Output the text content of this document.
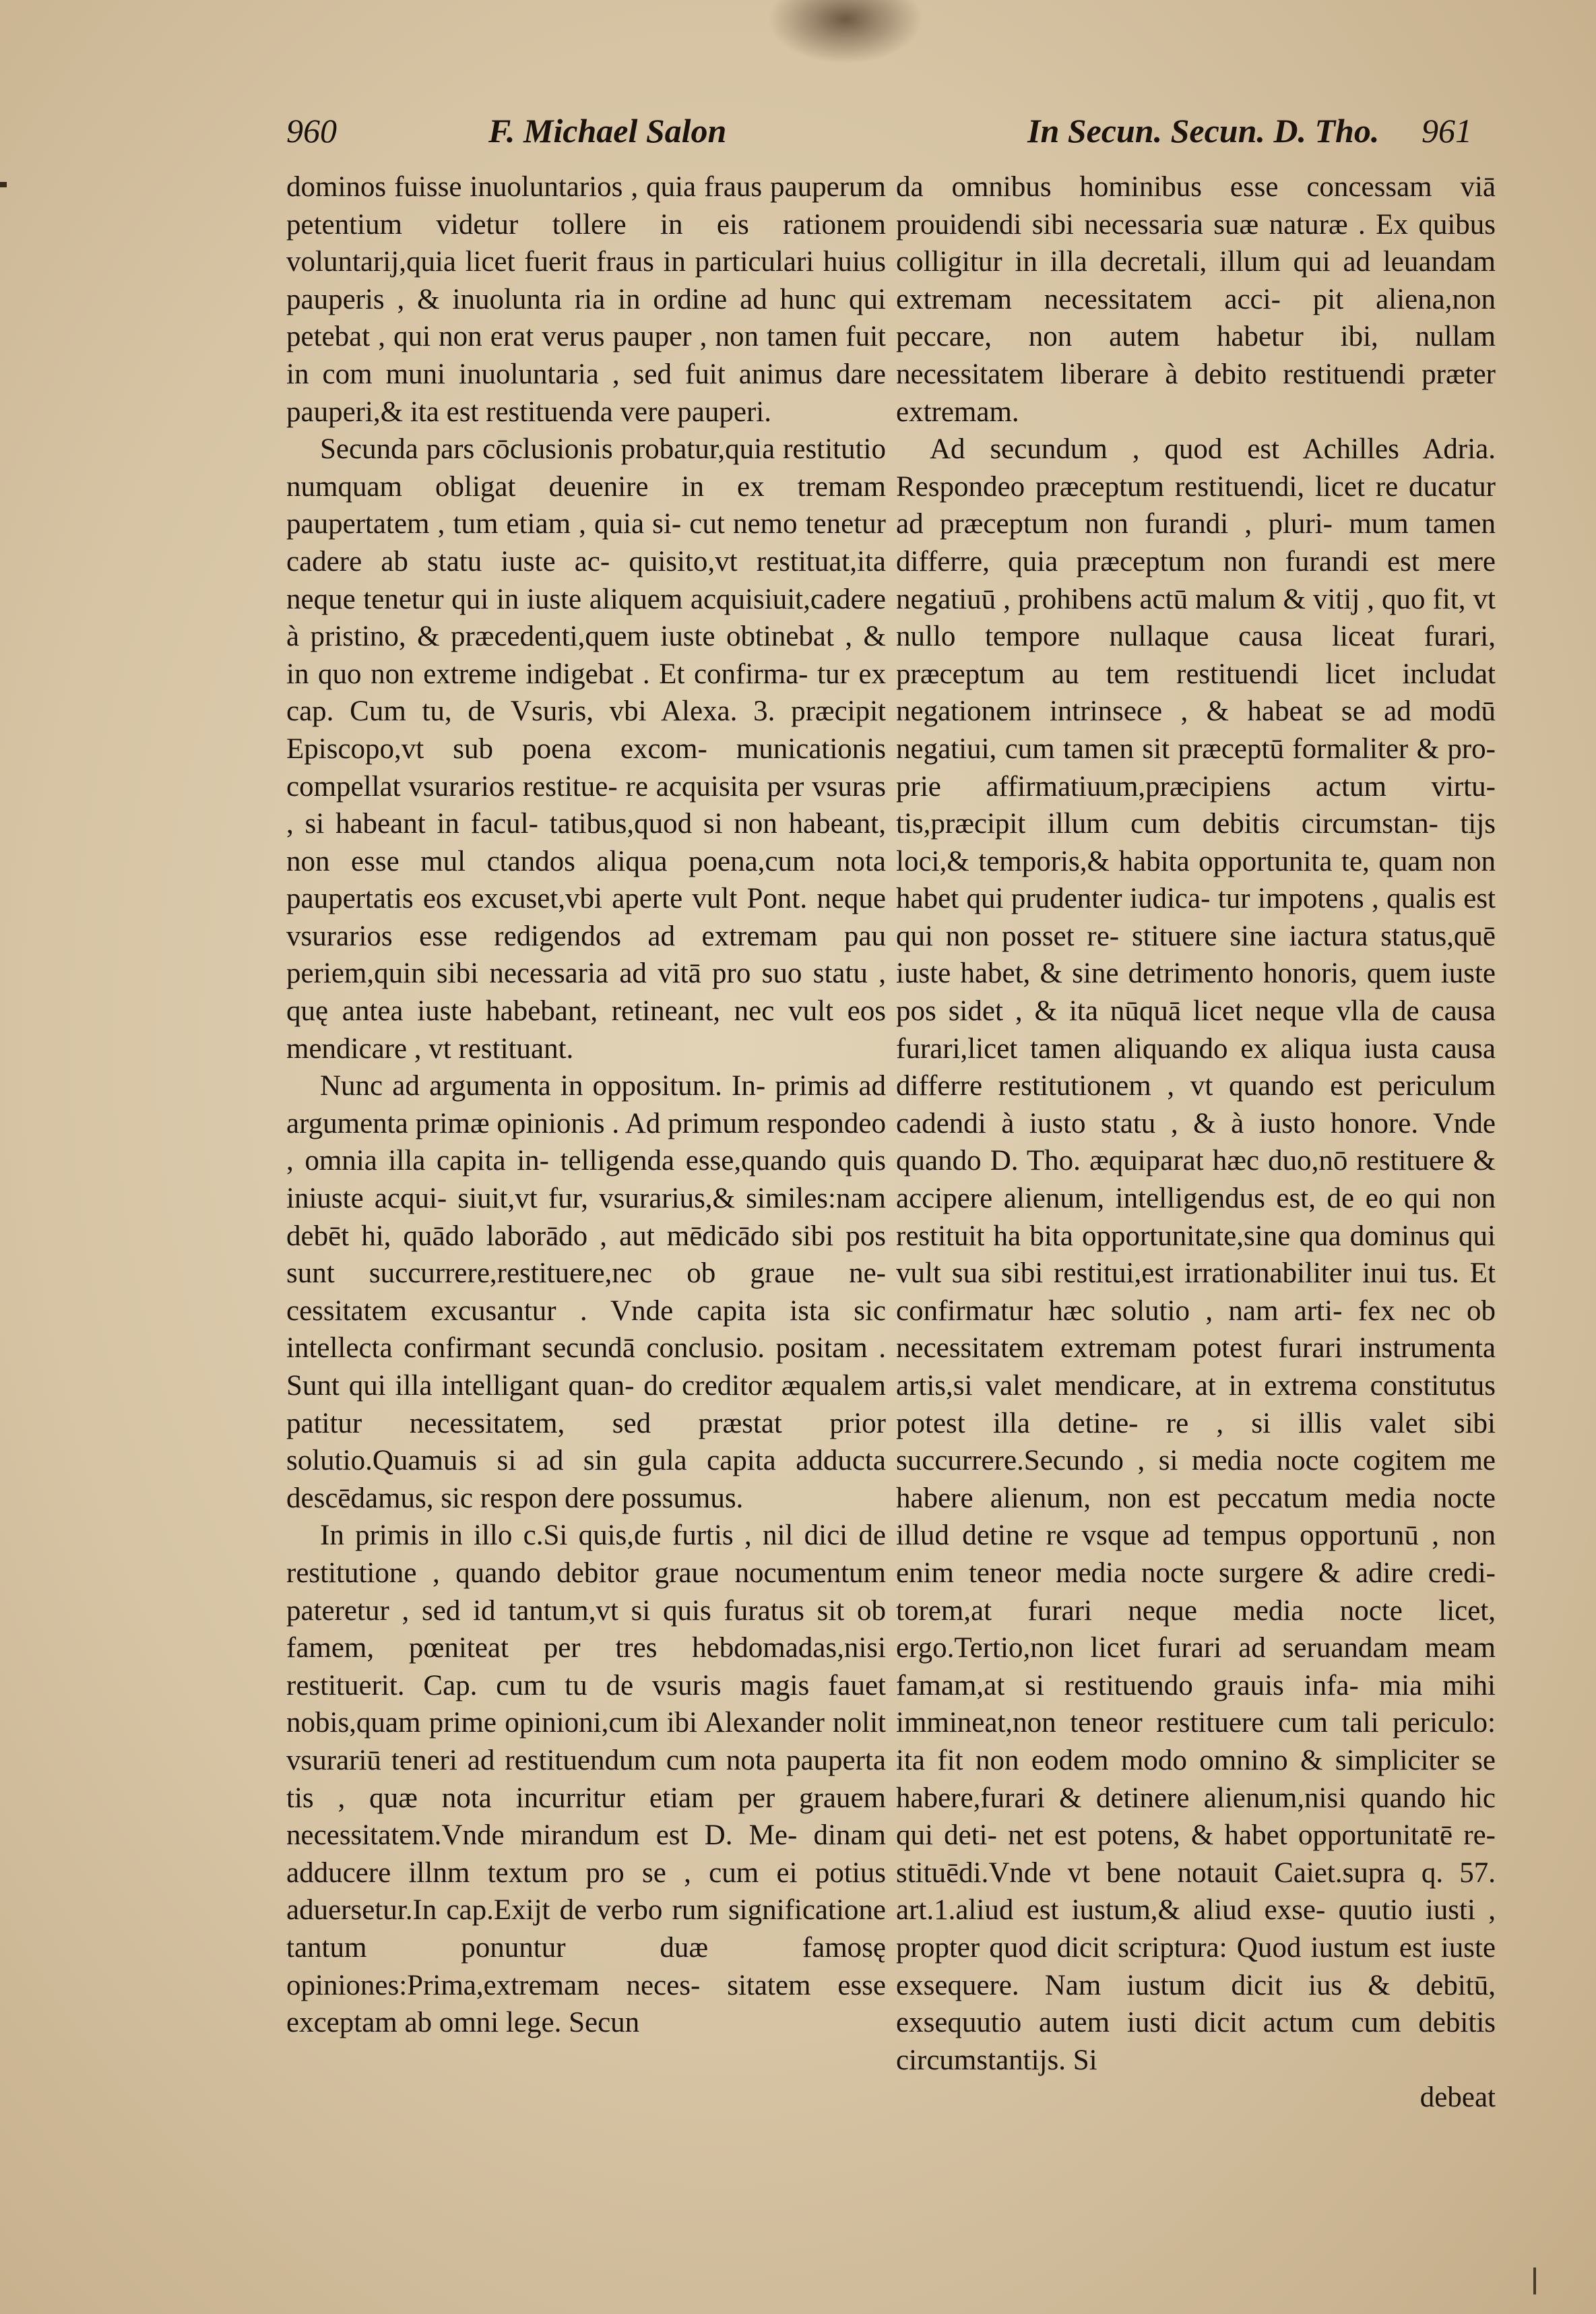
960	F. Michael Salon	In Secun. Secun. D. Tho. 961

dominos fuisse inuoluntarios , quia fraus pauperum petentium videtur tollere in eis rationem voluntarij,quia licet fuerit fraus in particulari huius pauperis , & inuolunta ria in ordine ad hunc qui petebat , qui non erat verus pauper , non tamen fuit in com muni inuoluntaria , sed fuit animus dare pauperi,& ita est restituenda vere pauperi.

Secunda pars cōclusionis probatur,quia restitutio numquam obligat deuenire in ex tremam paupertatem , tum etiam , quia si- cut nemo tenetur cadere ab statu iuste ac- quisito,vt restituat,ita neque tenetur qui in iuste aliquem acquisiuit,cadere à pristino, & præcedenti,quem iuste obtinebat , & in quo non extreme indigebat . Et confirma- tur ex cap. Cum tu, de Vsuris, vbi Alexa. 3. præcipit Episcopo,vt sub poena excom- municationis compellat vsurarios restitue- re acquisita per vsuras , si habeant in facul- tatibus,quod si non habeant, non esse mul ctandos aliqua poena,cum nota paupertatis eos excuset,vbi aperte vult Pont. neque vsurarios esse redigendos ad extremam pau periem,quin sibi necessaria ad vitā pro suo statu , quę antea iuste habebant, retineant, nec vult eos mendicare , vt restituant.

Nunc ad argumenta in oppositum. In- primis ad argumenta primæ opinionis . Ad primum respondeo , omnia illa capita in- telligenda esse,quando quis iniuste acqui- siuit,vt fur, vsurarius,& similes:nam debēt hi, quādo laborādo , aut mēdicādo sibi pos sunt succurrere,restituere,nec ob graue ne- cessitatem excusantur . Vnde capita ista sic intellecta confirmant secundā conclusio. positam . Sunt qui illa intelligant quan- do creditor æqualem patitur necessitatem, sed præstat prior solutio.Quamuis si ad sin gula capita adducta descēdamus, sic respon dere possumus.

In primis in illo c.Si quis,de furtis , nil dici de restitutione , quando debitor graue nocumentum pateretur , sed id tantum,vt si quis furatus sit ob famem, pœniteat per tres hebdomadas,nisi restituerit. Cap. cum tu de vsuris magis fauet nobis,quam prime opinioni,cum ibi Alexander nolit vsurariū teneri ad restituendum cum nota pauperta tis , quæ nota incurritur etiam per grauem necessitatem.Vnde mirandum est D. Me- dinam adducere illnm textum pro se , cum ei potius aduersetur.In cap.Exijt de verbo rum significatione tantum ponuntur duæ famosę opiniones:Prima,extremam neces- sitatem esse exceptam ab omni lege. Secun

da omnibus hominibus esse concessam viā prouidendi sibi necessaria suæ naturæ . Ex quibus colligitur in illa decretali, illum qui ad leuandam extremam necessitatem acci- pit aliena,non peccare, non autem habetur ibi, nullam necessitatem liberare à debito restituendi præter extremam.

Ad secundum , quod est Achilles Adria. Respondeo præceptum restituendi, licet re ducatur ad præceptum non furandi , pluri- mum tamen differre, quia præceptum non furandi est mere negatiuū , prohibens actū malum & vitij , quo fit, vt nullo tempore nullaque causa liceat furari, præceptum au tem restituendi licet includat negationem intrinsece , & habeat se ad modū negatiui, cum tamen sit præceptū formaliter & pro- prie affirmatiuum,præcipiens actum virtu- tis,præcipit illum cum debitis circumstan- tijs loci,& temporis,& habita opportunita te, quam non habet qui prudenter iudica- tur impotens , qualis est qui non posset re- stituere sine iactura status,quē iuste habet, & sine detrimento honoris, quem iuste pos sidet , & ita nūquā licet neque vlla de causa furari,licet tamen aliquando ex aliqua iusta causa differre restitutionem , vt quando est periculum cadendi à iusto statu , & à iusto honore. Vnde quando D. Tho. æquiparat hæc duo,nō restituere & accipere alienum, intelligendus est, de eo qui non restituit ha bita opportunitate,sine qua dominus qui vult sua sibi restitui,est irrationabiliter inui tus. Et confirmatur hæc solutio , nam arti- fex nec ob necessitatem extremam potest furari instrumenta artis,si valet mendicare, at in extrema constitutus potest illa detine- re , si illis valet sibi succurrere.Secundo , si media nocte cogitem me habere alienum, non est peccatum media nocte illud detine re vsque ad tempus opportunū , non enim teneor media nocte surgere & adire credi- torem,at furari neque media nocte licet, ergo.Tertio,non licet furari ad seruandam meam famam,at si restituendo grauis infa- mia mihi immineat,non teneor restituere cum tali periculo: ita fit non eodem modo omnino & simpliciter se habere,furari & detinere alienum,nisi quando hic qui deti- net est potens, & habet opportunitatē re- stituēdi.Vnde vt bene notauit Caiet.supra q. 57. art.1.aliud est iustum,& aliud exse- quutio iusti , propter quod dicit scriptura: Quod iustum est iuste exsequere. Nam iustum dicit ius & debitū, exsequutio autem iusti dicit actum cum debitis circumstantijs. Si

debeat
